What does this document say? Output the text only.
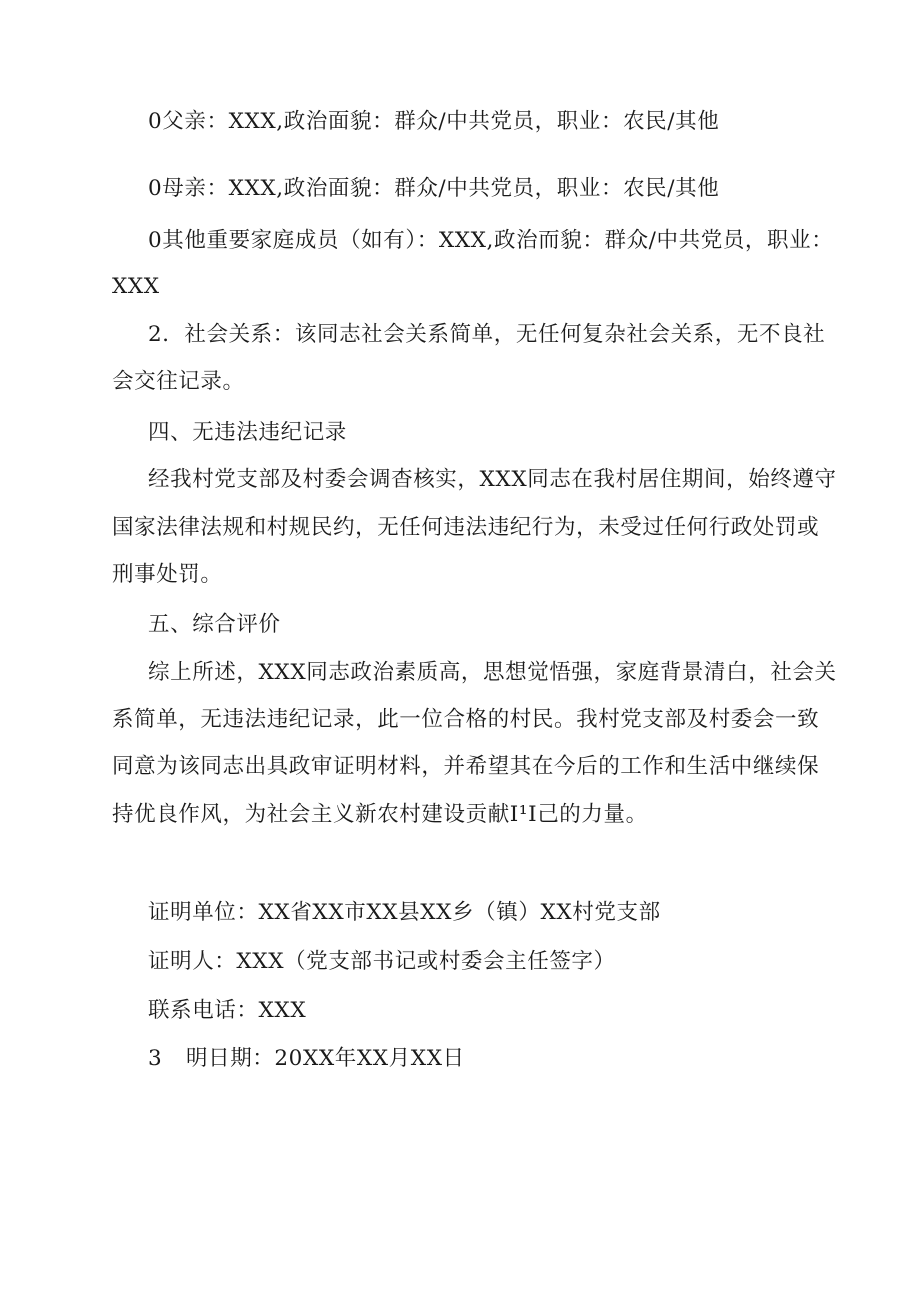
0父亲：XXX,政治面貌：群众/中共党员，职业：农民/其他
0母亲：XXX,政治面貌：群众/中共党员，职业：农民/其他
0其他重要家庭成员（如有）：XXX,政治而貌：群众/中共党员，职业：
XXX
2．社会关系：该同志社会关系简单，无任何复杂社会关系，无不良社
会交往记录。
四、无违法违纪记录
经我村党支部及村委会调杳核实，XXX同志在我村居住期间，始终遵守
国家法律法规和村规民约，无任何违法违纪行为，未受过任何行政处罚或
刑事处罚。
五、综合评价
综上所述，XXX同志政治素质高，思想觉悟强，家庭背景清白，社会关
系简单，无违法违纪记录，此一位合格的村民。我村党支部及村委会一致
同意为该同志出具政审证明材料，并希望其在今后的工作和生活中继续保
持优良作风，为社会主义新农村建设贡献I¹I己的力量。
证明单位：XX省XX市XX县XX乡（镇）XX村党支部
证明人：XXX（党支部书记或村委会主任签字）
联系电话：XXX
3 明日期：20XX年XX月XX日
